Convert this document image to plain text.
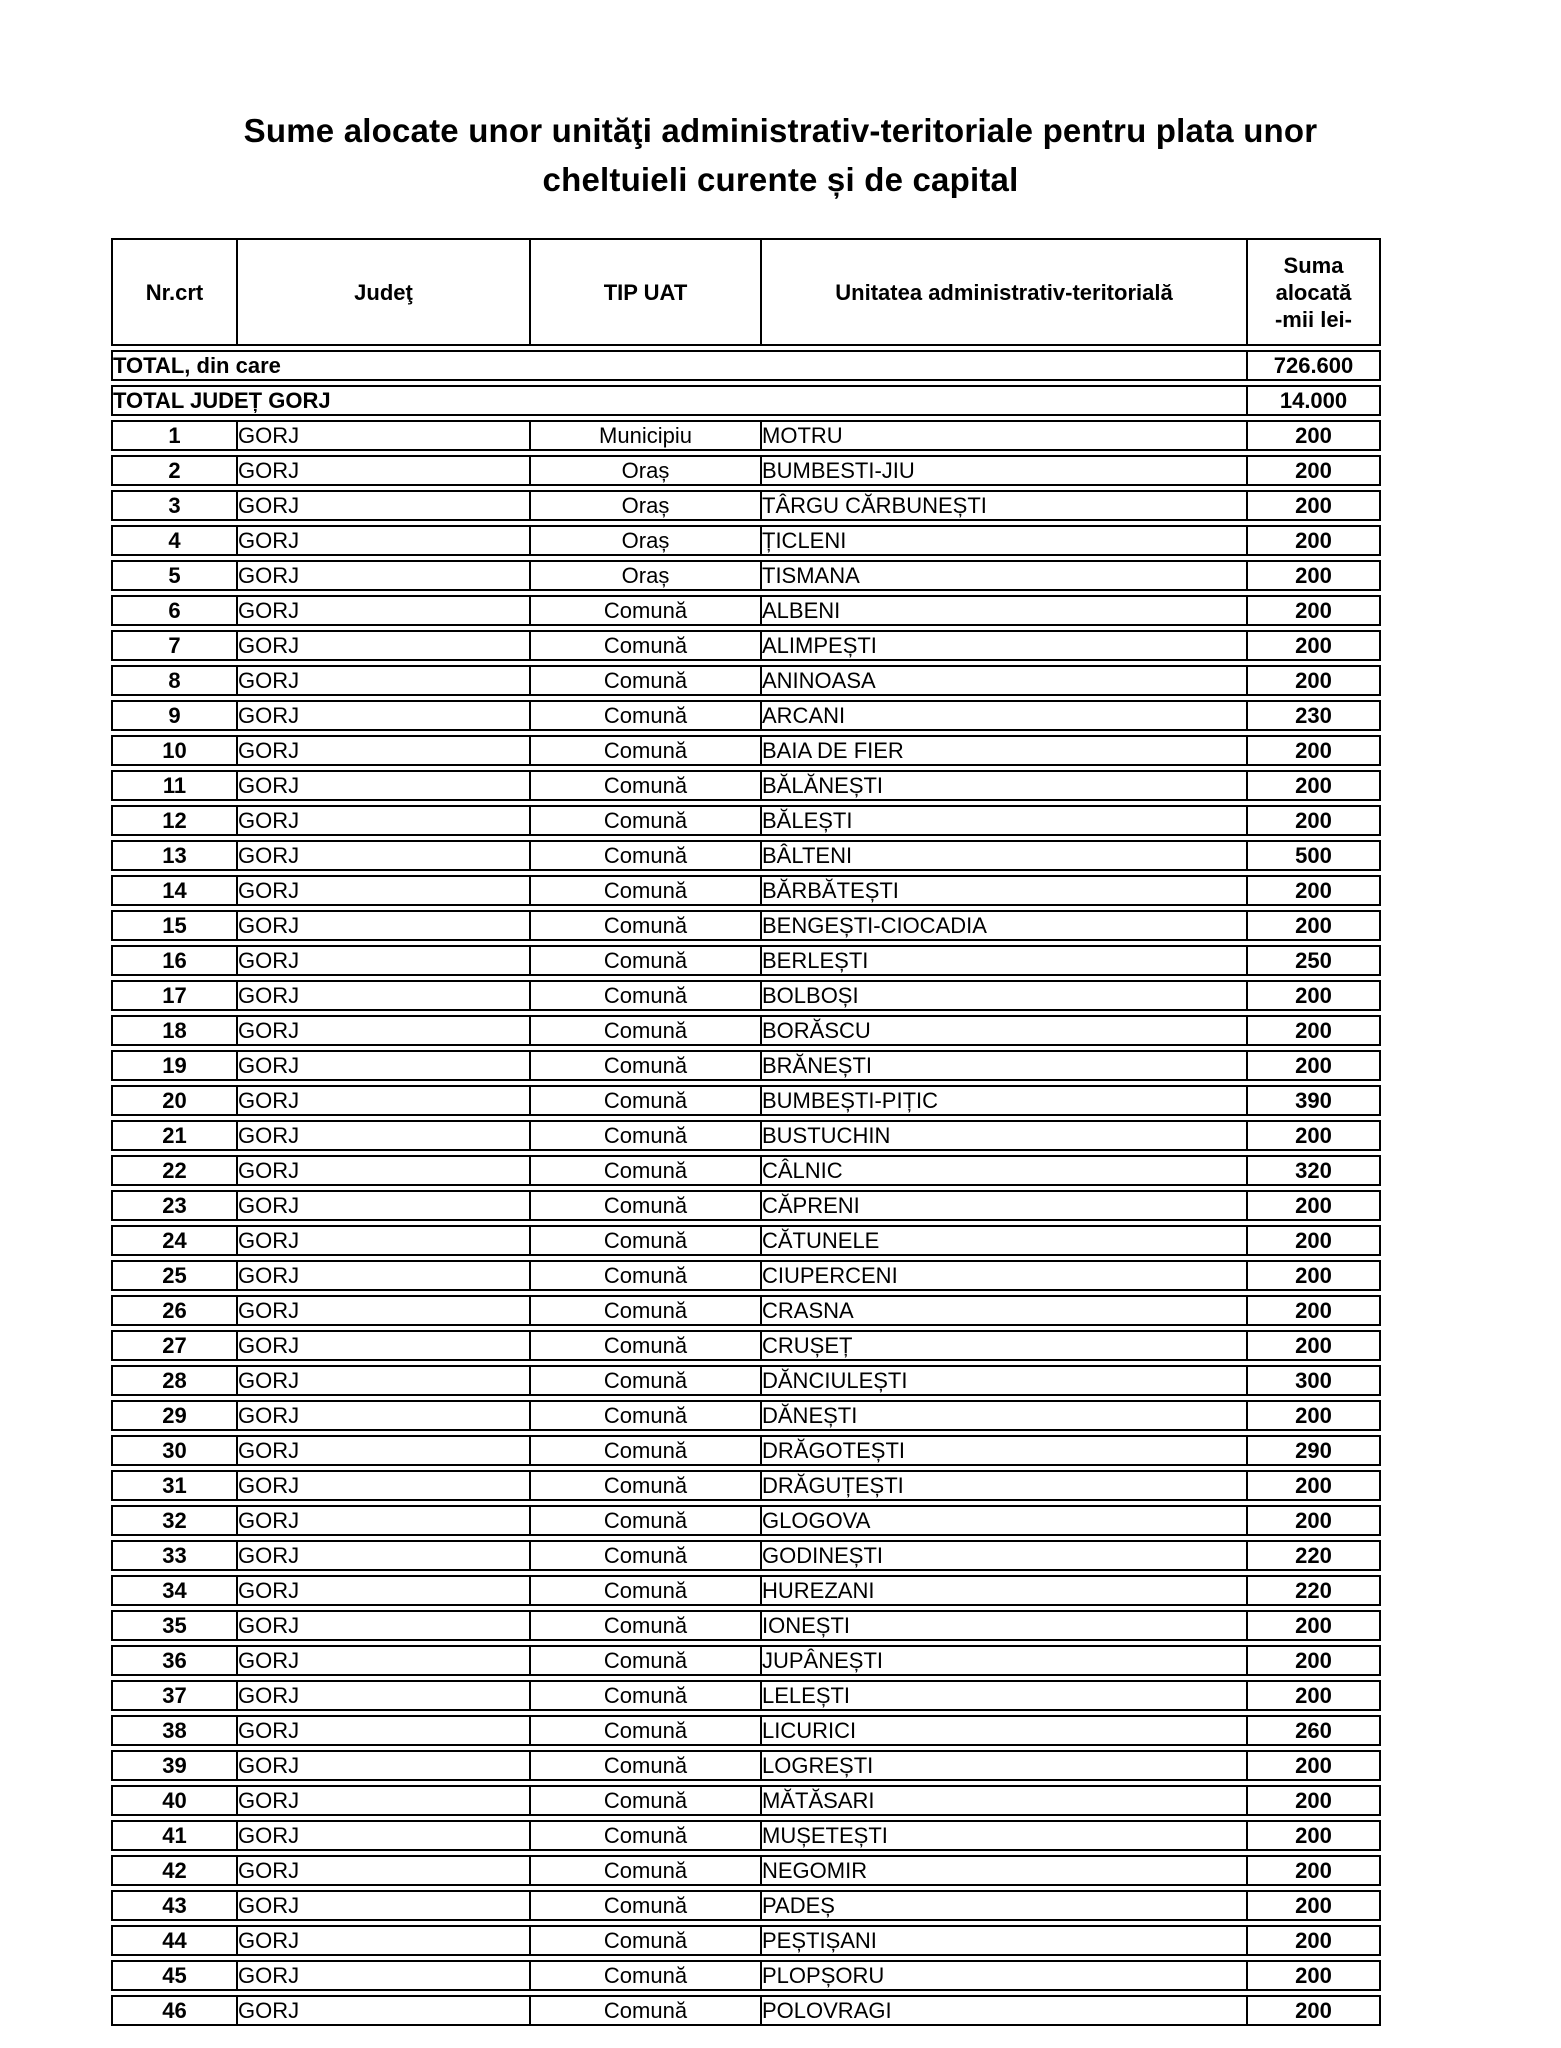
Sume alocate unor unităţi administrativ-teritoriale pentru plata unor
cheltuieli curente și de capital
Nr.crt	Judeţ	TIP UAT	Unitatea administrativ-teritorială	Suma
alocată
-mii lei-

TOTAL, din care				726.600
TOTAL JUDEȚ GORJ				14.000
1	GORJ	Municipiu	MOTRU	200
2	GORJ	Oraș	BUMBESTI-JIU	200
3	GORJ	Oraș	TÂRGU CĂRBUNEȘTI	200
4	GORJ	Oraș	ȚICLENI	200
5	GORJ	Oraș	TISMANA	200
6	GORJ	Comună	ALBENI	200
7	GORJ	Comună	ALIMPEȘTI	200
8	GORJ	Comună	ANINOASA	200
9	GORJ	Comună	ARCANI	230
10	GORJ	Comună	BAIA DE FIER	200
11	GORJ	Comună	BĂLĂNEȘTI	200
12	GORJ	Comună	BĂLEȘTI	200
13	GORJ	Comună	BÂLTENI	500
14	GORJ	Comună	BĂRBĂTEȘTI	200
15	GORJ	Comună	BENGEȘTI-CIOCADIA	200
16	GORJ	Comună	BERLEȘTI	250
17	GORJ	Comună	BOLBOȘI	200
18	GORJ	Comună	BORĂSCU	200
19	GORJ	Comună	BRĂNEȘTI	200
20	GORJ	Comună	BUMBEȘTI-PIȚIC	390
21	GORJ	Comună	BUSTUCHIN	200
22	GORJ	Comună	CÂLNIC	320
23	GORJ	Comună	CĂPRENI	200
24	GORJ	Comună	CĂTUNELE	200
25	GORJ	Comună	CIUPERCENI	200
26	GORJ	Comună	CRASNA	200
27	GORJ	Comună	CRUȘEȚ	200
28	GORJ	Comună	DĂNCIULEȘTI	300
29	GORJ	Comună	DĂNEȘTI	200
30	GORJ	Comună	DRĂGOTEȘTI	290
31	GORJ	Comună	DRĂGUȚEȘTI	200
32	GORJ	Comună	GLOGOVA	200
33	GORJ	Comună	GODINEȘTI	220
34	GORJ	Comună	HUREZANI	220
35	GORJ	Comună	IONEȘTI	200
36	GORJ	Comună	JUPÂNEȘTI	200
37	GORJ	Comună	LELEȘTI	200
38	GORJ	Comună	LICURICI	260
39	GORJ	Comună	LOGREȘTI	200
40	GORJ	Comună	MĂTĂSARI	200
41	GORJ	Comună	MUȘETEȘTI	200
42	GORJ	Comună	NEGOMIR	200
43	GORJ	Comună	PADEȘ	200
44	GORJ	Comună	PEȘTIȘANI	200
45	GORJ	Comună	PLOPȘORU	200
46	GORJ	Comună	POLOVRAGI	200
